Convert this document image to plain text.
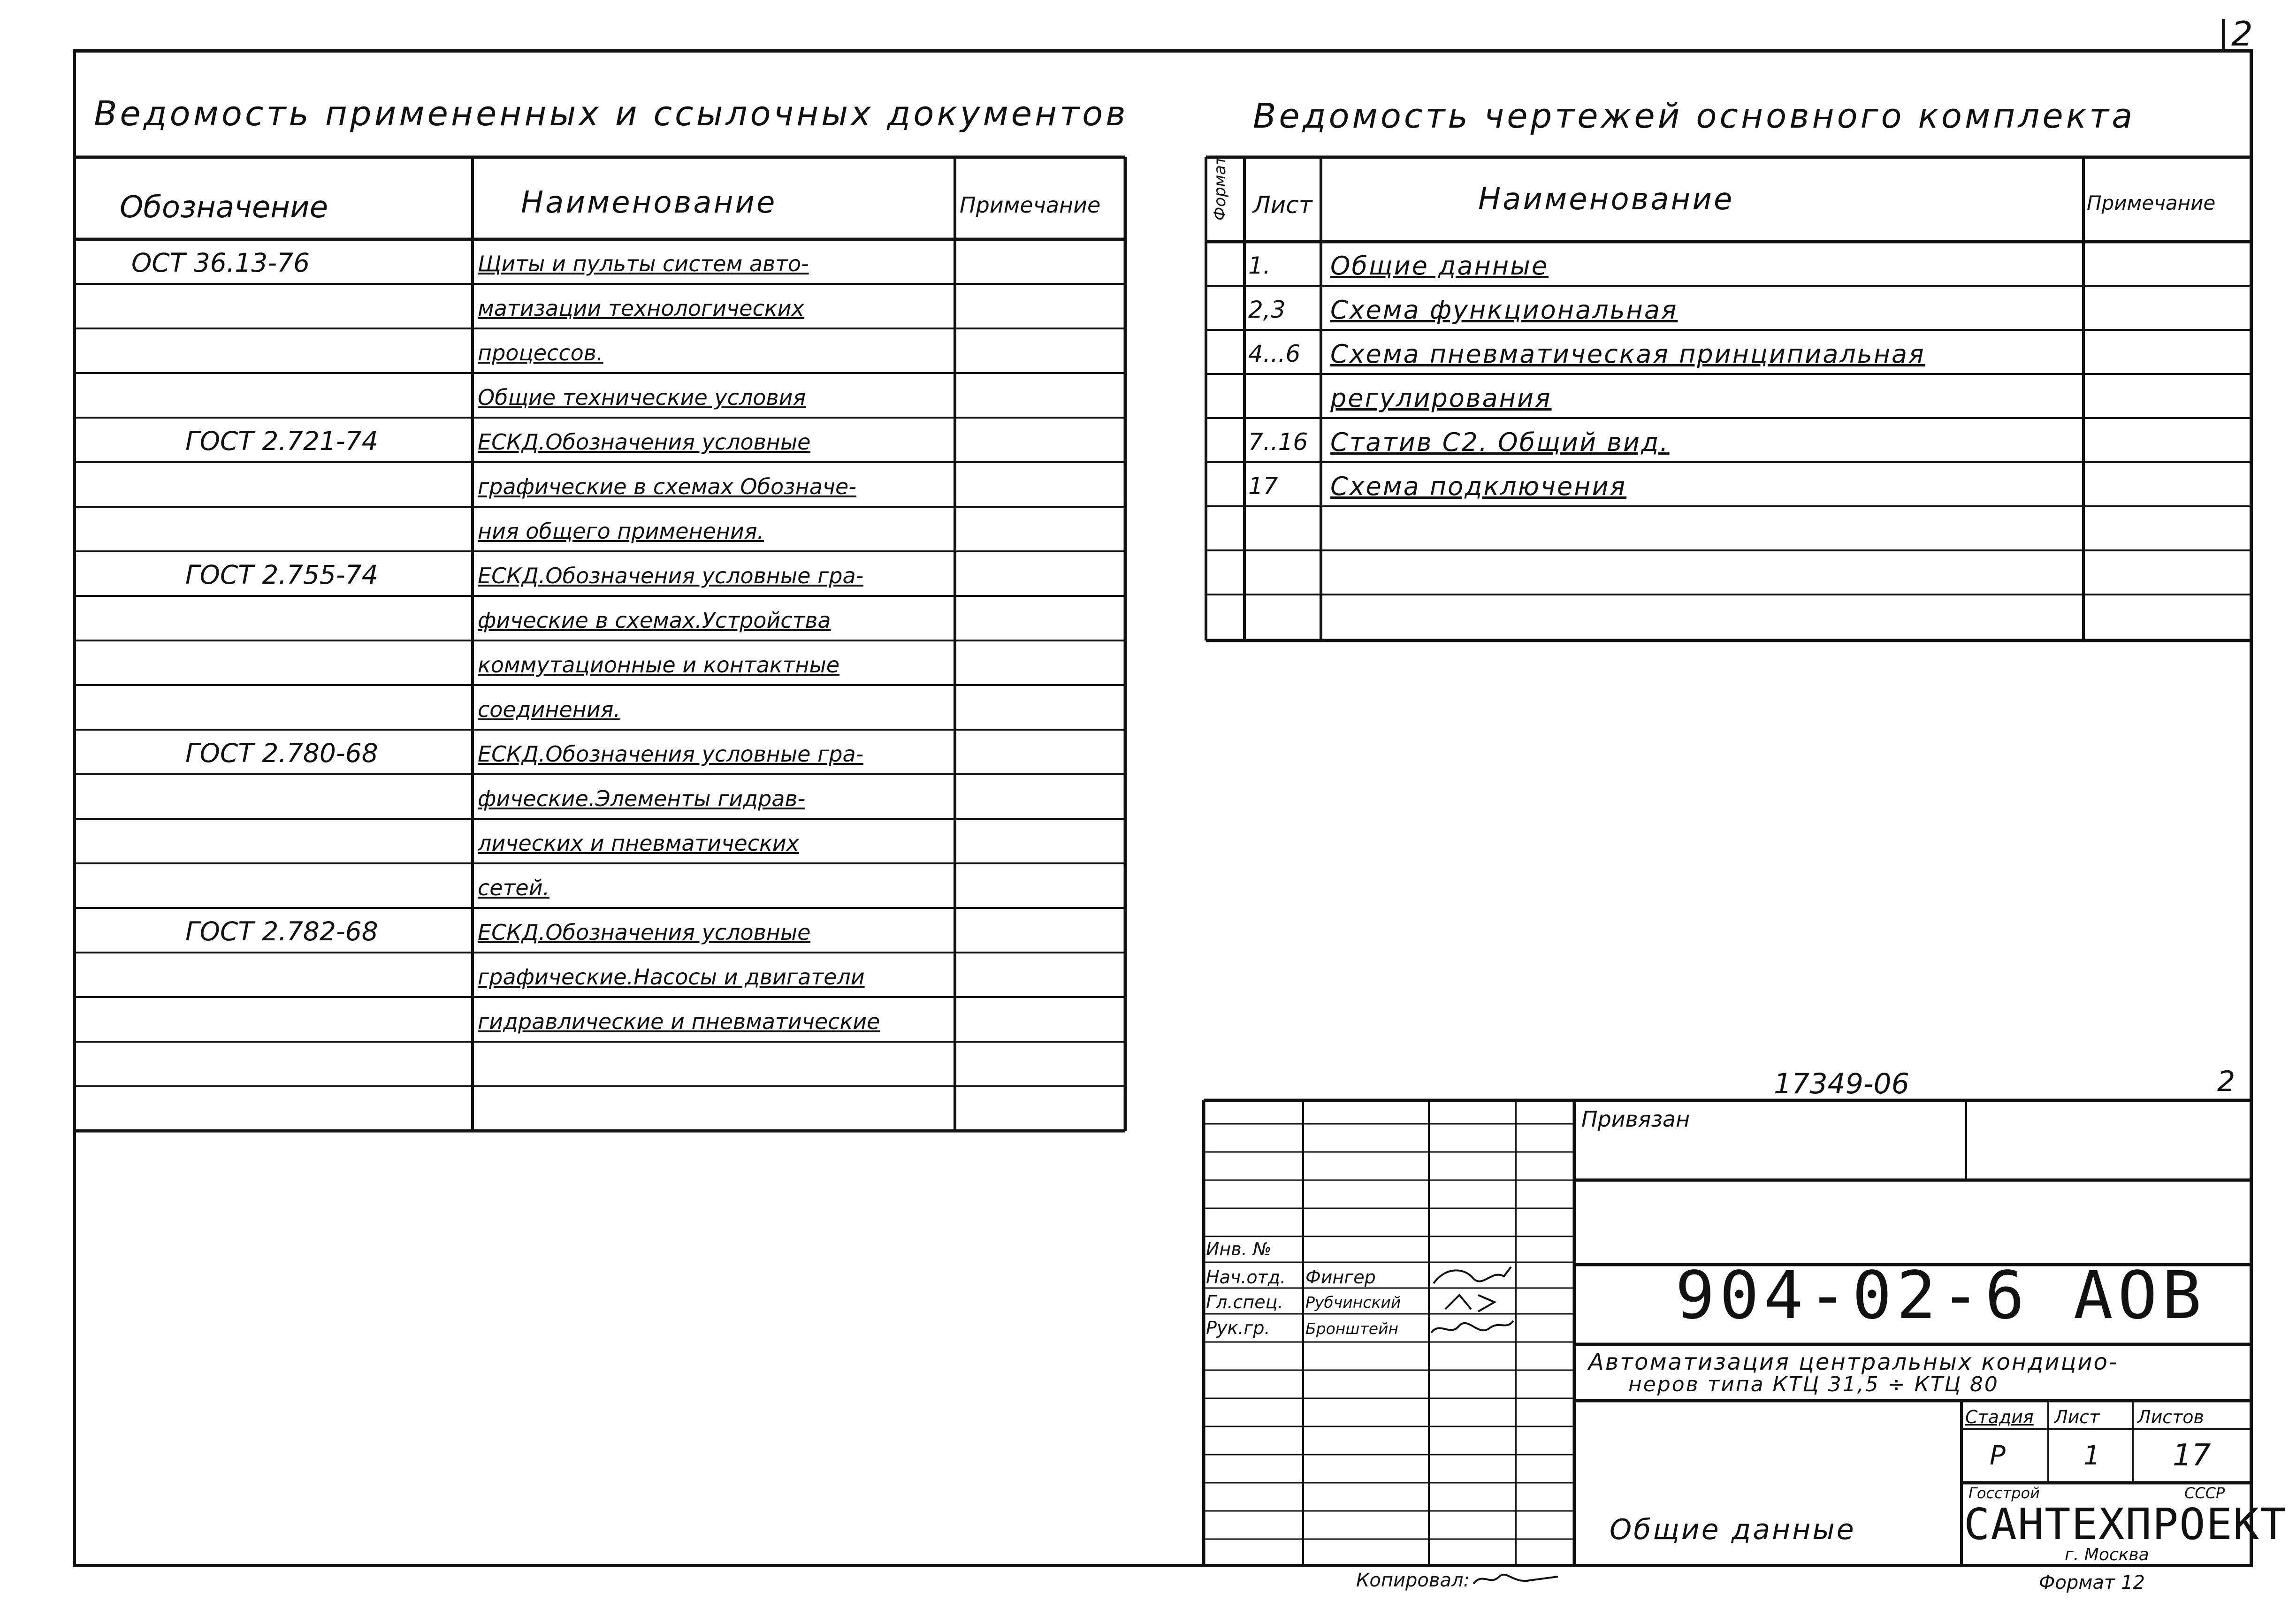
2
Ведомость примененных и ссылочных документов
Обозначение	Наименование	Примечание
ОСТ 36.13-76	Щиты и пульты систем авто-
матизации технологических
процессов.
Общие технические условия
ГОСТ 2.721-74	ЕСКД.Обозначения условные
графические в схемах Обозначе-
ния общего применения.
ГОСТ 2.755-74	ЕСКД.Обозначения условные гра-
фические в схемах.Устройства
коммутационные и контактные
соединения.
ГОСТ 2.780-68	ЕСКД.Обозначения условные гра-
фические.Элементы гидрав-
лических и пневматических
сетей.
ГОСТ 2.782-68	ЕСКД.Обозначения условные
графические.Насосы и двигатели
гидравлические и пневматические
Ведомость чертежей основного комплекта
Формат Лист	Наименование	Примечание
1. Общие данные
2,3 Схема функциональная
4...6 Схема пневматическая принципиальная
регулирования
7..16 Статив С2. Общий вид.
17 Схема подключения
17349-06	2
Привязан
Инв. №
Нач.отд. Фингер
Гл.спец. Рубчинский
Рук.гр. Бронштейн	904-02-6 АОВ
Автоматизация центральных кондицио-
неров типа КТЦ 31,5 ÷ КТЦ 80
Стадия Лист Листов
Р	1 17
Общие данные
Госстрой	СССР
САНТЕХПРОЕКТ
г. Москва
Копировал:	Формат 12
